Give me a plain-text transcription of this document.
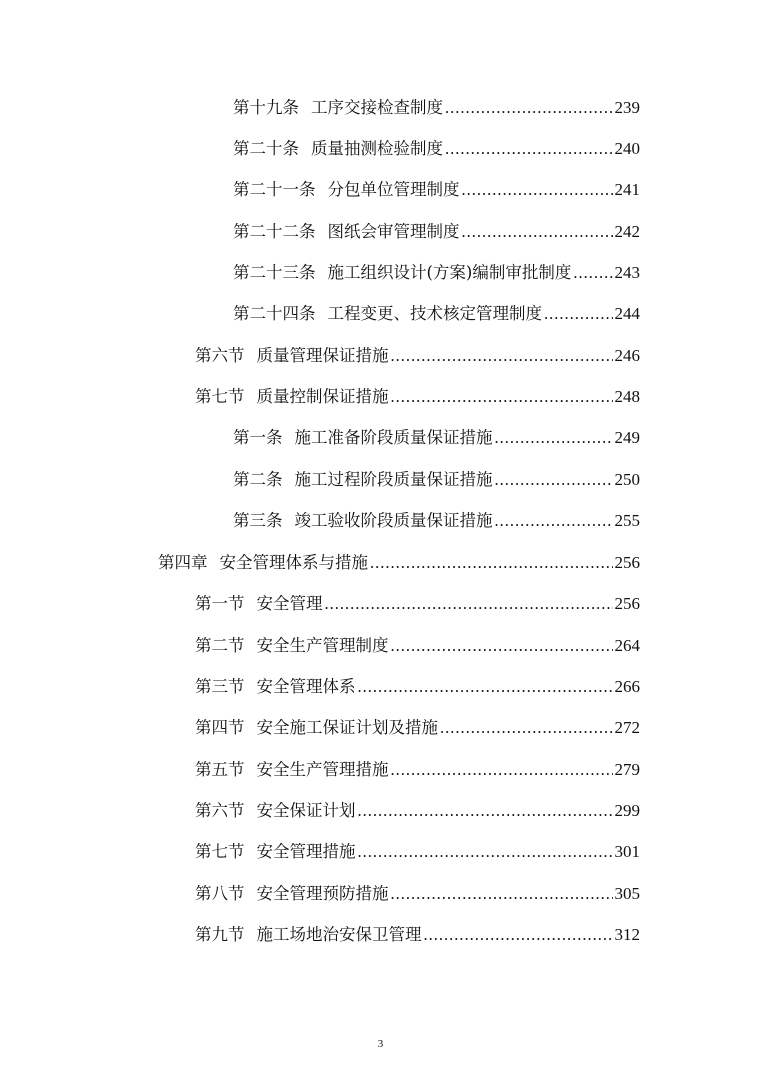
第十九条 工序交接检查制度 .....	239
第二十条 质量抽测检验制度 .....	240
第二十一条 分包单位管理制度 .....	241
第二十二条 图纸会审管理制度 .....	242
第二十三条 施工组织设计(方案)编制审批制度 .....	243
第二十四条 工程变更、技术核定管理制度 .....	244
第六节 质量管理保证措施 .....	246
第七节 质量控制保证措施 .....	248
第一条 施工准备阶段质量保证措施 .....	249
第二条 施工过程阶段质量保证措施 .....	250
第三条 竣工验收阶段质量保证措施 .....	255
第四章 安全管理体系与措施 .....	256
第一节 安全管理 .....	256
第二节 安全生产管理制度 .....	264
第三节 安全管理体系 .....	266
第四节 安全施工保证计划及措施 .....	272
第五节 安全生产管理措施 .....	279
第六节 安全保证计划 .....	299
第七节 安全管理措施 .....	301
第八节 安全管理预防措施 .....	305
第九节 施工场地治安保卫管理 .....	312
3
